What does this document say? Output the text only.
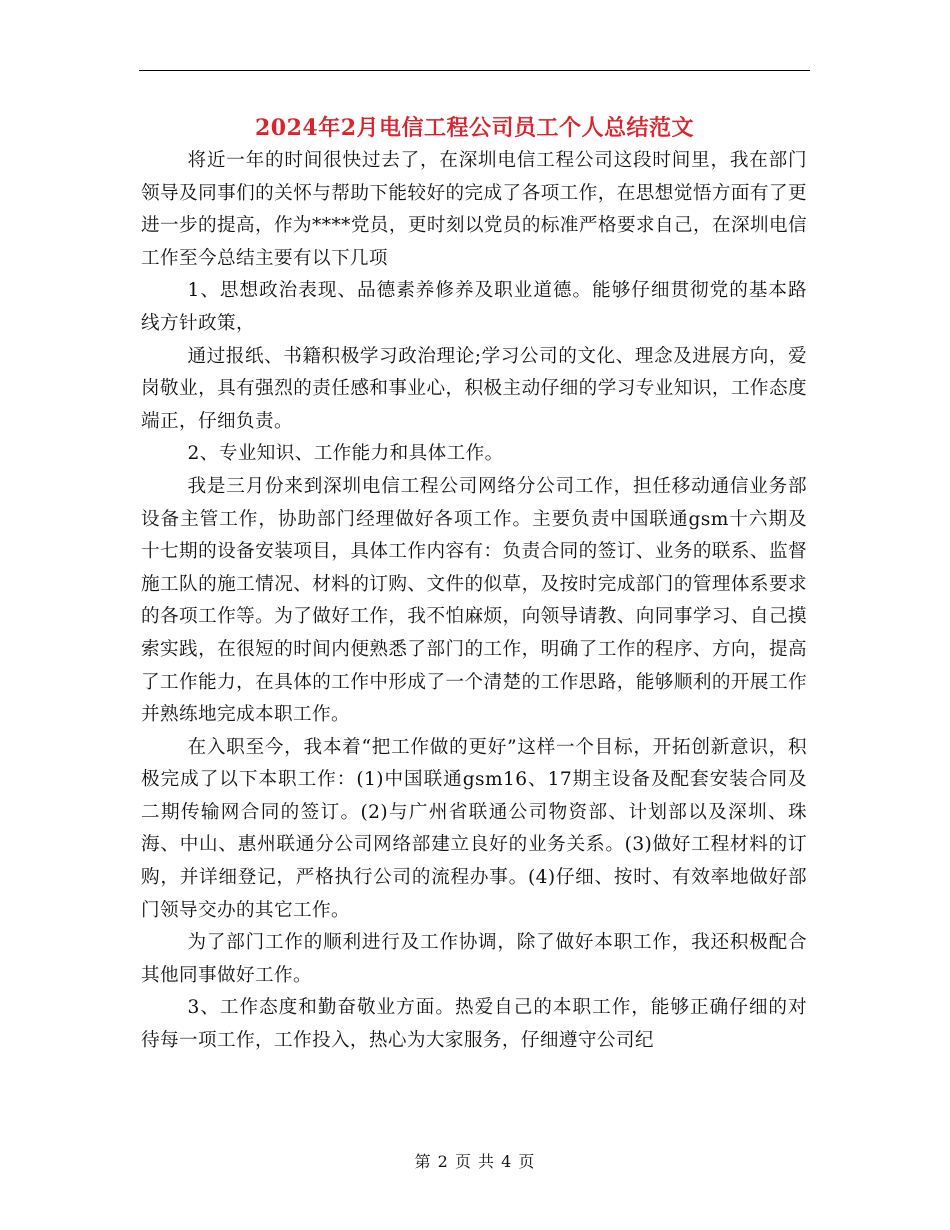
2024年2月电信工程公司员工个人总结范文

将近一年的时间很快过去了，在深圳电信工程公司这段时间里，我在部门领导及同事们的关怀与帮助下能较好的完成了各项工作，在思想觉悟方面有了更进一步的提高，作为****党员，更时刻以党员的标准严格要求自己，在深圳电信工作至今总结主要有以下几项

1、思想政治表现、品德素养修养及职业道德。能够仔细贯彻党的基本路线方针政策，

通过报纸、书籍积极学习政治理论;学习公司的文化、理念及进展方向，爱岗敬业，具有强烈的责任感和事业心，积极主动仔细的学习专业知识，工作态度端正，仔细负责。

2、专业知识、工作能力和具体工作。

我是三月份来到深圳电信工程公司网络分公司工作，担任移动通信业务部设备主管工作，协助部门经理做好各项工作。主要负责中国联通gsm十六期及十七期的设备安装项目，具体工作内容有：负责合同的签订、业务的联系、监督施工队的施工情况、材料的订购、文件的似草，及按时完成部门的管理体系要求的各项工作等。为了做好工作，我不怕麻烦，向领导请教、向同事学习、自己摸索实践，在很短的时间内便熟悉了部门的工作，明确了工作的程序、方向，提高了工作能力，在具体的工作中形成了一个清楚的工作思路，能够顺利的开展工作并熟练地完成本职工作。

在入职至今，我本着“把工作做的更好”这样一个目标，开拓创新意识，积极完成了以下本职工作：(1)中国联通gsm16、17期主设备及配套安装合同及二期传输网合同的签订。(2)与广州省联通公司物资部、计划部以及深圳、珠海、中山、惠州联通分公司网络部建立良好的业务关系。(3)做好工程材料的订购，并详细登记，严格执行公司的流程办事。(4)仔细、按时、有效率地做好部门领导交办的其它工作。

为了部门工作的顺利进行及工作协调，除了做好本职工作，我还积极配合其他同事做好工作。

3、工作态度和勤奋敬业方面。热爱自己的本职工作，能够正确仔细的对待每一项工作，工作投入，热心为大家服务，仔细遵守公司纪

第 2 页 共 4 页
